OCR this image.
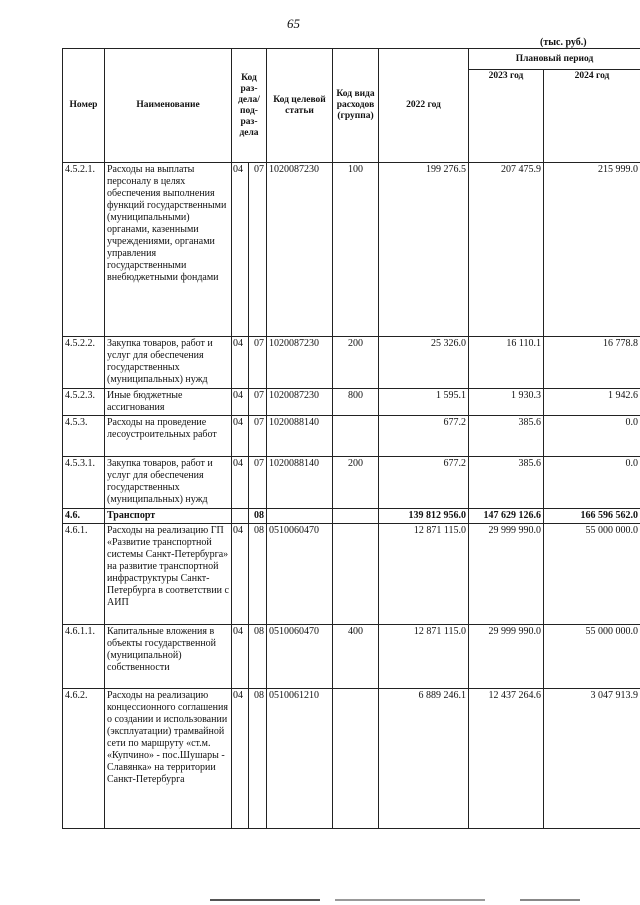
65
(тыс. руб.)
Номер	Наименование	Код раз-дела/ под-раз-дела		Код целевой статьи	Код вида расходов (группа)	2022 год	Плановый период	
							2023 год	2024 год
4.5.2.1.	Расходы на выплаты персоналу в целях обеспечения выполнения функций государственными (муниципальными) органами, казенными учреждениями, органами управления государственными внебюджетными фондами	04	07	1020087230	100	199 276.5	207 475.9	215 999.0
4.5.2.2.	Закупка товаров, работ и услуг для обеспечения государственных (муниципальных) нужд	04	07	1020087230	200	25 326.0	16 110.1	16 778.8
4.5.2.3.	Иные бюджетные ассигнования	04	07	1020087230	800	1 595.1	1 930.3	1 942.6
4.5.3.	Расходы на проведение лесоустроительных работ	04	07	1020088140		677.2	385.6	0.0
4.5.3.1.	Закупка товаров, работ и услуг для обеспечения государственных (муниципальных) нужд	04	07	1020088140	200	677.2	385.6	0.0
4.6.	Транспорт		08			139 812 956.0	147 629 126.6	166 596 562.0
4.6.1.	Расходы на реализацию ГП «Развитие транспортной системы Санкт-Петербурга» на развитие транспортной инфраструктуры Санкт-Петербурга в соответствии с АИП	04	08	0510060470		12 871 115.0	29 999 990.0	55 000 000.0
4.6.1.1.	Капитальные вложения в объекты государственной (муниципальной) собственности	04	08	0510060470	400	12 871 115.0	29 999 990.0	55 000 000.0
4.6.2.	Расходы на реализацию концессионного соглашения о создании и использовании (эксплуатации) трамвайной сети по маршруту «ст.м. «Купчино» - пос.Шушары - Славянка» на территории Санкт-Петербурга	04	08	0510061210		6 889 246.1	12 437 264.6	3 047 913.9
